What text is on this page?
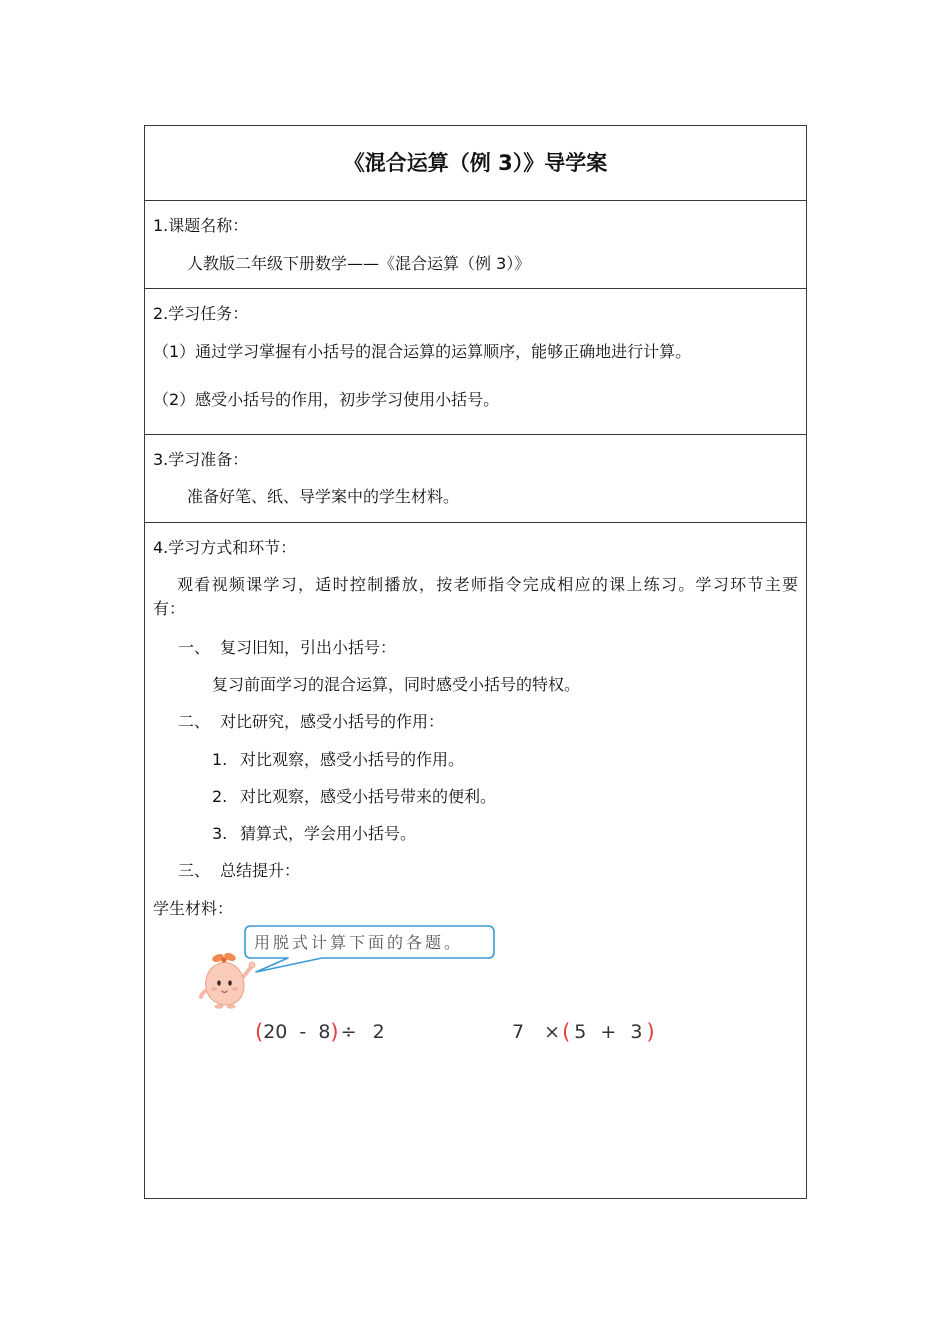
《混合运算（例 3）》导学案
1.课题名称：
人教版二年级下册数学——《混合运算（例 3）》
2.学习任务：
（1）通过学习掌握有小括号的混合运算的运算顺序，能够正确地进行计算。
（2）感受小括号的作用，初步学习使用小括号。
3.学习准备：
准备好笔、纸、导学案中的学生材料。
4.学习方式和环节：
观看视频课学习，适时控制播放，按老师指令完成相应的课上练习。学习环节主要
有：
一、 复习旧知，引出小括号：
复习前面学习的混合运算，同时感受小括号的特权。
二、 对比研究，感受小括号的作用：
1. 对比观察，感受小括号的作用。
2. 对比观察，感受小括号带来的便利。
3. 猜算式，学会用小括号。
三、 总结提升：
学生材料：
用脱式计算下面的各题。
( 20 - 8 ) ÷ 2	7 × ( 5 + 3 )
